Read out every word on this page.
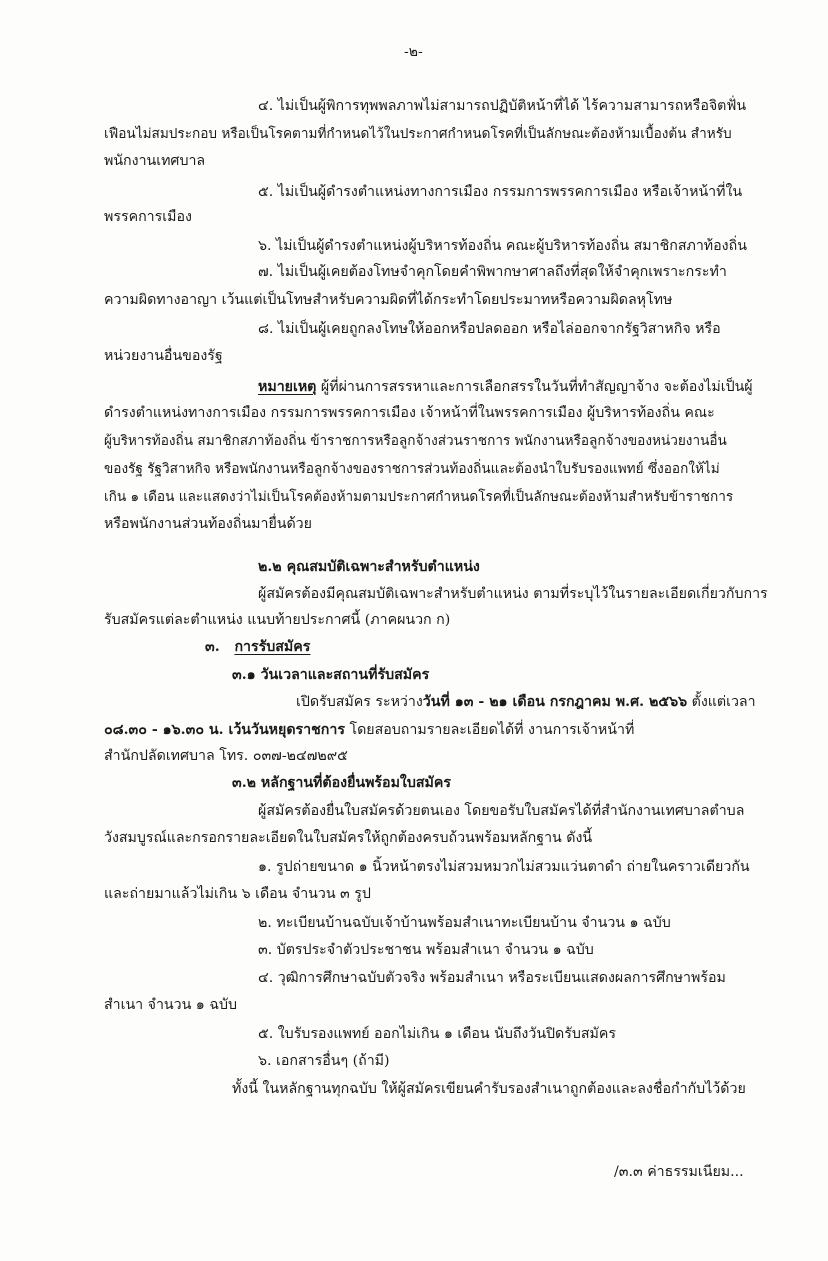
-๒-
๔. ไม่เป็นผู้พิการทุพพลภาพไม่สามารถปฏิบัติหน้าที่ได้ ไร้ความสามารถหรือจิตฟั่น
เฟือนไม่สมประกอบ หรือเป็นโรคตามที่กำหนดไว้ในประกาศกำหนดโรคที่เป็นลักษณะต้องห้ามเบื้องต้น สำหรับ
พนักงานเทศบาล
๕. ไม่เป็นผู้ดำรงตำแหน่งทางการเมือง กรรมการพรรคการเมือง หรือเจ้าหน้าที่ใน
พรรคการเมือง
๖. ไม่เป็นผู้ดำรงตำแหน่งผู้บริหารท้องถิ่น คณะผู้บริหารท้องถิ่น สมาชิกสภาท้องถิ่น
๗. ไม่เป็นผู้เคยต้องโทษจำคุกโดยคำพิพากษาศาลถึงที่สุดให้จำคุกเพราะกระทำ
ความผิดทางอาญา เว้นแต่เป็นโทษสำหรับความผิดที่ได้กระทำโดยประมาทหรือความผิดลหุโทษ
๘. ไม่เป็นผู้เคยถูกลงโทษให้ออกหรือปลดออก หรือไล่ออกจากรัฐวิสาหกิจ หรือ
หน่วยงานอื่นของรัฐ
หมายเหตุ ผู้ที่ผ่านการสรรหาและการเลือกสรรในวันที่ทำสัญญาจ้าง จะต้องไม่เป็นผู้
ดำรงตำแหน่งทางการเมือง กรรมการพรรคการเมือง เจ้าหน้าที่ในพรรคการเมือง ผู้บริหารท้องถิ่น คณะ
ผู้บริหารท้องถิ่น สมาชิกสภาท้องถิ่น ข้าราชการหรือลูกจ้างส่วนราชการ พนักงานหรือลูกจ้างของหน่วยงานอื่น
ของรัฐ รัฐวิสาหกิจ หรือพนักงานหรือลูกจ้างของราชการส่วนท้องถิ่นและต้องนำใบรับรองแพทย์ ซึ่งออกให้ไม่
เกิน ๑ เดือน และแสดงว่าไม่เป็นโรคต้องห้ามตามประกาศกำหนดโรคที่เป็นลักษณะต้องห้ามสำหรับข้าราชการ
หรือพนักงานส่วนท้องถิ่นมายื่นด้วย
๒.๒ คุณสมบัติเฉพาะสำหรับตำแหน่ง
ผู้สมัครต้องมีคุณสมบัติเฉพาะสำหรับตำแหน่ง ตามที่ระบุไว้ในรายละเอียดเกี่ยวกับการ
รับสมัครแต่ละตำแหน่ง แนบท้ายประกาศนี้ (ภาคผนวก ก)
๓. การรับสมัคร
๓.๑ วันเวลาและสถานที่รับสมัคร
เปิดรับสมัคร ระหว่างวันที่ ๑๓ - ๒๑ เดือน กรกฎาคม พ.ศ. ๒๕๖๖ ตั้งแต่เวลา
๐๘.๓๐ - ๑๖.๓๐ น. เว้นวันหยุดราชการ โดยสอบถามรายละเอียดได้ที่ งานการเจ้าหน้าที่
สำนักปลัดเทศบาล โทร. ๐๓๗-๒๔๗๒๙๕
๓.๒ หลักฐานที่ต้องยื่นพร้อมใบสมัคร
ผู้สมัครต้องยื่นใบสมัครด้วยตนเอง โดยขอรับใบสมัครได้ที่สำนักงานเทศบาลตำบล
วังสมบูรณ์และกรอกรายละเอียดในใบสมัครให้ถูกต้องครบถ้วนพร้อมหลักฐาน ดังนี้
๑. รูปถ่ายขนาด ๑ นิ้วหน้าตรงไม่สวมหมวกไม่สวมแว่นตาดำ ถ่ายในคราวเดียวกัน
และถ่ายมาแล้วไม่เกิน ๖ เดือน จำนวน ๓ รูป
๒. ทะเบียนบ้านฉบับเจ้าบ้านพร้อมสำเนาทะเบียนบ้าน จำนวน ๑ ฉบับ
๓. บัตรประจำตัวประชาชน พร้อมสำเนา จำนวน ๑ ฉบับ
๔. วุฒิการศึกษาฉบับตัวจริง พร้อมสำเนา หรือระเบียนแสดงผลการศึกษาพร้อม
สำเนา จำนวน ๑ ฉบับ
๕. ใบรับรองแพทย์ ออกไม่เกิน ๑ เดือน นับถึงวันปิดรับสมัคร
๖. เอกสารอื่นๆ (ถ้ามี)
ทั้งนี้ ในหลักฐานทุกฉบับ ให้ผู้สมัครเขียนคำรับรองสำเนาถูกต้องและลงชื่อกำกับไว้ด้วย
/๓.๓ ค่าธรรมเนียม...
